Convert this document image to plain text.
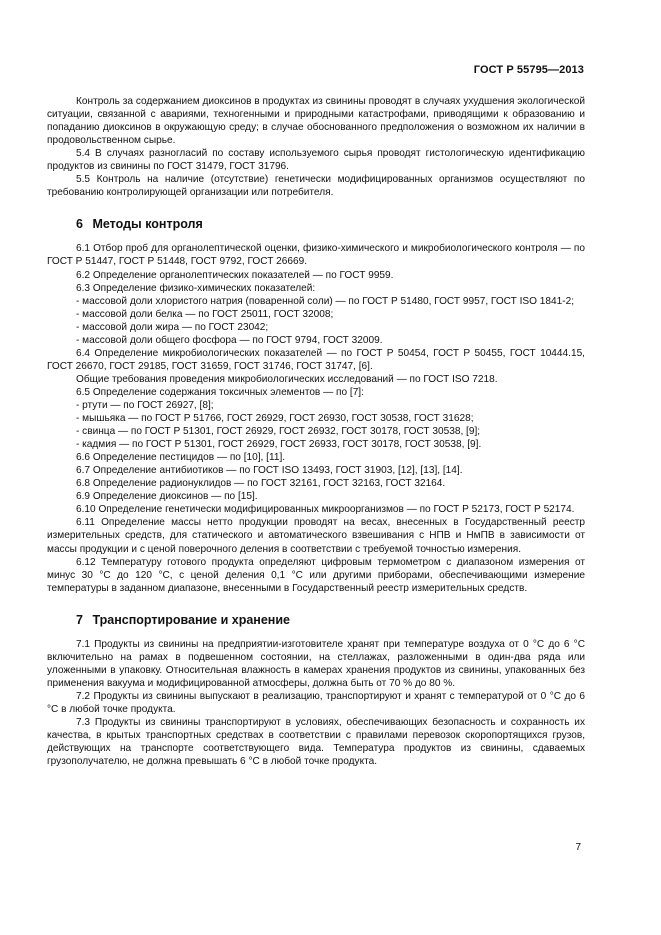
ГОСТ Р 55795—2013

Контроль за содержанием диоксинов в продуктах из свинины проводят в случаях ухудшения экологической ситуации, связанной с авариями, техногенными и природными катастрофами, приводящими к образованию и попаданию диоксинов в окружающую среду; в случае обоснованного предположения о возможном их наличии в продовольственном сырье.

5.4 В случаях разногласий по составу используемого сырья проводят гистологическую идентификацию продуктов из свинины по ГОСТ 31479, ГОСТ 31796.

5.5 Контроль на наличие (отсутствие) генетически модифицированных организмов осуществляют по требованию контролирующей организации или потребителя.

6 Методы контроля

6.1 Отбор проб для органолептической оценки, физико-химического и микробиологического контроля — по ГОСТ Р 51447, ГОСТ Р 51448, ГОСТ 9792, ГОСТ 26669.

6.2 Определение органолептических показателей — по ГОСТ 9959.

6.3 Определение физико-химических показателей:

- массовой доли хлористого натрия (поваренной соли) — по ГОСТ Р 51480, ГОСТ 9957, ГОСТ ISO 1841-2;

- массовой доли белка — по ГОСТ 25011, ГОСТ 32008;

- массовой доли жира — по ГОСТ 23042;

- массовой доли общего фосфора — по ГОСТ 9794, ГОСТ 32009.

6.4 Определение микробиологических показателей — по ГОСТ Р 50454, ГОСТ Р 50455, ГОСТ 10444.15, ГОСТ 26670, ГОСТ 29185, ГОСТ 31659, ГОСТ 31746, ГОСТ 31747, [6].

Общие требования проведения микробиологических исследований — по ГОСТ ISO 7218.

6.5 Определение содержания токсичных элементов — по [7]:

- ртути — по ГОСТ 26927, [8];

- мышьяка — по ГОСТ Р 51766, ГОСТ 26929, ГОСТ 26930, ГОСТ 30538, ГОСТ 31628;

- свинца — по ГОСТ Р 51301, ГОСТ 26929, ГОСТ 26932, ГОСТ 30178, ГОСТ 30538, [9];

- кадмия — по ГОСТ Р 51301, ГОСТ 26929, ГОСТ 26933, ГОСТ 30178, ГОСТ 30538, [9].

6.6 Определение пестицидов — по [10], [11].

6.7 Определение антибиотиков — по ГОСТ ISO 13493, ГОСТ 31903, [12], [13], [14].

6.8 Определение радионуклидов — по ГОСТ 32161, ГОСТ 32163, ГОСТ 32164.

6.9 Определение диоксинов — по [15].

6.10 Определение генетически модифицированных микроорганизмов — по ГОСТ Р 52173, ГОСТ Р 52174.

6.11 Определение массы нетто продукции проводят на весах, внесенных в Государственный реестр измерительных средств, для статического и автоматического взвешивания с НПВ и НмПВ в зависимости от массы продукции и с ценой поверочного деления в соответствии с требуемой точностью измерения.

6.12 Температуру готового продукта определяют цифровым термометром с диапазоном измерения от минус 30 °C до 120 °C, с ценой деления 0,1 °C или другими приборами, обеспечивающими измерение температуры в заданном диапазоне, внесенными в Государственный реестр измерительных средств.

7 Транспортирование и хранение

7.1 Продукты из свинины на предприятии-изготовителе хранят при температуре воздуха от 0 °C до 6 °C включительно на рамах в подвешенном состоянии, на стеллажах, разложенными в один-два ряда или уложенными в упаковку. Относительная влажность в камерах хранения продуктов из свинины, упакованных без применения вакуума и модифицированной атмосферы, должна быть от 70 % до 80 %.

7.2 Продукты из свинины выпускают в реализацию, транспортируют и хранят с температурой от 0 °C до 6 °C в любой точке продукта.

7.3 Продукты из свинины транспортируют в условиях, обеспечивающих безопасность и сохранность их качества, в крытых транспортных средствах в соответствии с правилами перевозок скоропортящихся грузов, действующих на транспорте соответствующего вида. Температура продуктов из свинины, сдаваемых грузополучателю, не должна превышать 6 °C в любой точке продукта.

7
